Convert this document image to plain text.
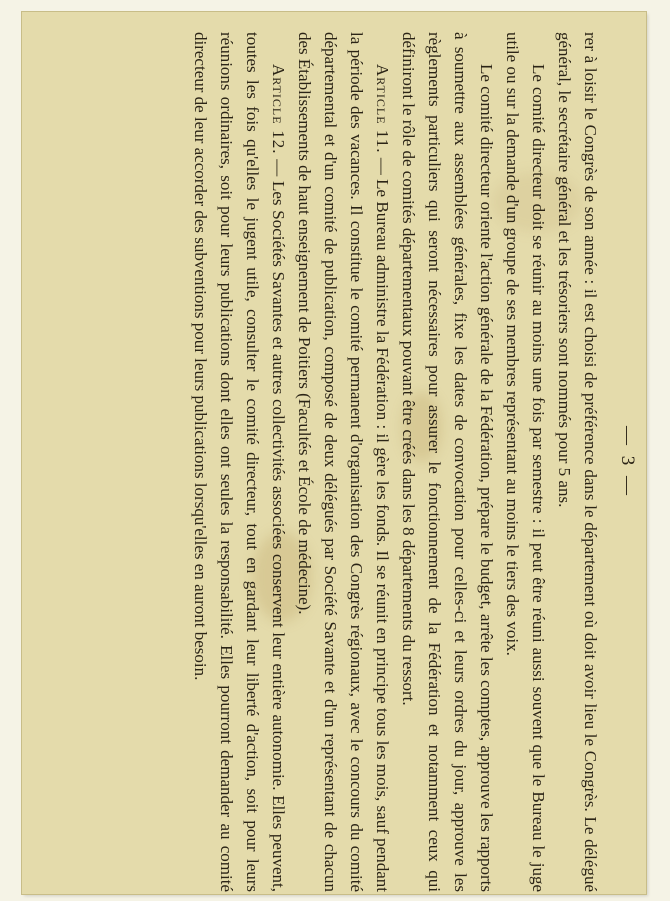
— 3 —

rer à loisir le Congrès de son année : il est choisi de préférence dans le département où doit avoir lieu le Congrès. Le délégué général, le secrétaire général et les trésoriers sont nommés pour 5 ans.

Le comité directeur doit se réunir au moins une fois par semestre : il peut être réuni aussi souvent que le Bureau le juge utile ou sur la demande d'un groupe de ses membres représentant au moins le tiers des voix.

Le comité directeur oriente l'action générale de la Fédération, prépare le budget, arrête les comptes, approuve les rapports à soumettre aux assemblées générales, fixe les dates de convocation pour celles-ci et leurs ordres du jour, approuve les règlements particuliers qui seront nécessaires pour assurer le fonctionnement de la Fédération et notamment ceux qui définiront le rôle de comités départementaux pouvant être créés dans les 8 départements du ressort.

Article 11. — Le Bureau administre la Fédération : il gère les fonds. Il se réunit en principe tous les mois, sauf pendant la période des vacances. Il constitue le comité permanent d'organisation des Congrès régionaux, avec le concours du comité départemental et d'un comité de publication, composé de deux délégués par Société Savante et d'un représentant de chacun des Établissements de haut enseignement de Poitiers (Facultés et École de médecine).

Article 12. — Les Sociétés Savantes et autres collectivités associées conservent leur entière autonomie. Elles peuvent, toutes les fois qu'elles le jugent utile, consulter le comité directeur, tout en gardant leur liberté d'action, soit pour leurs réunions ordinaires, soit pour leurs publications dont elles ont seules la responsabilité. Elles pourront demander au comité directeur de leur accorder des subventions pour leurs publications lorsqu'elles en auront besoin.
